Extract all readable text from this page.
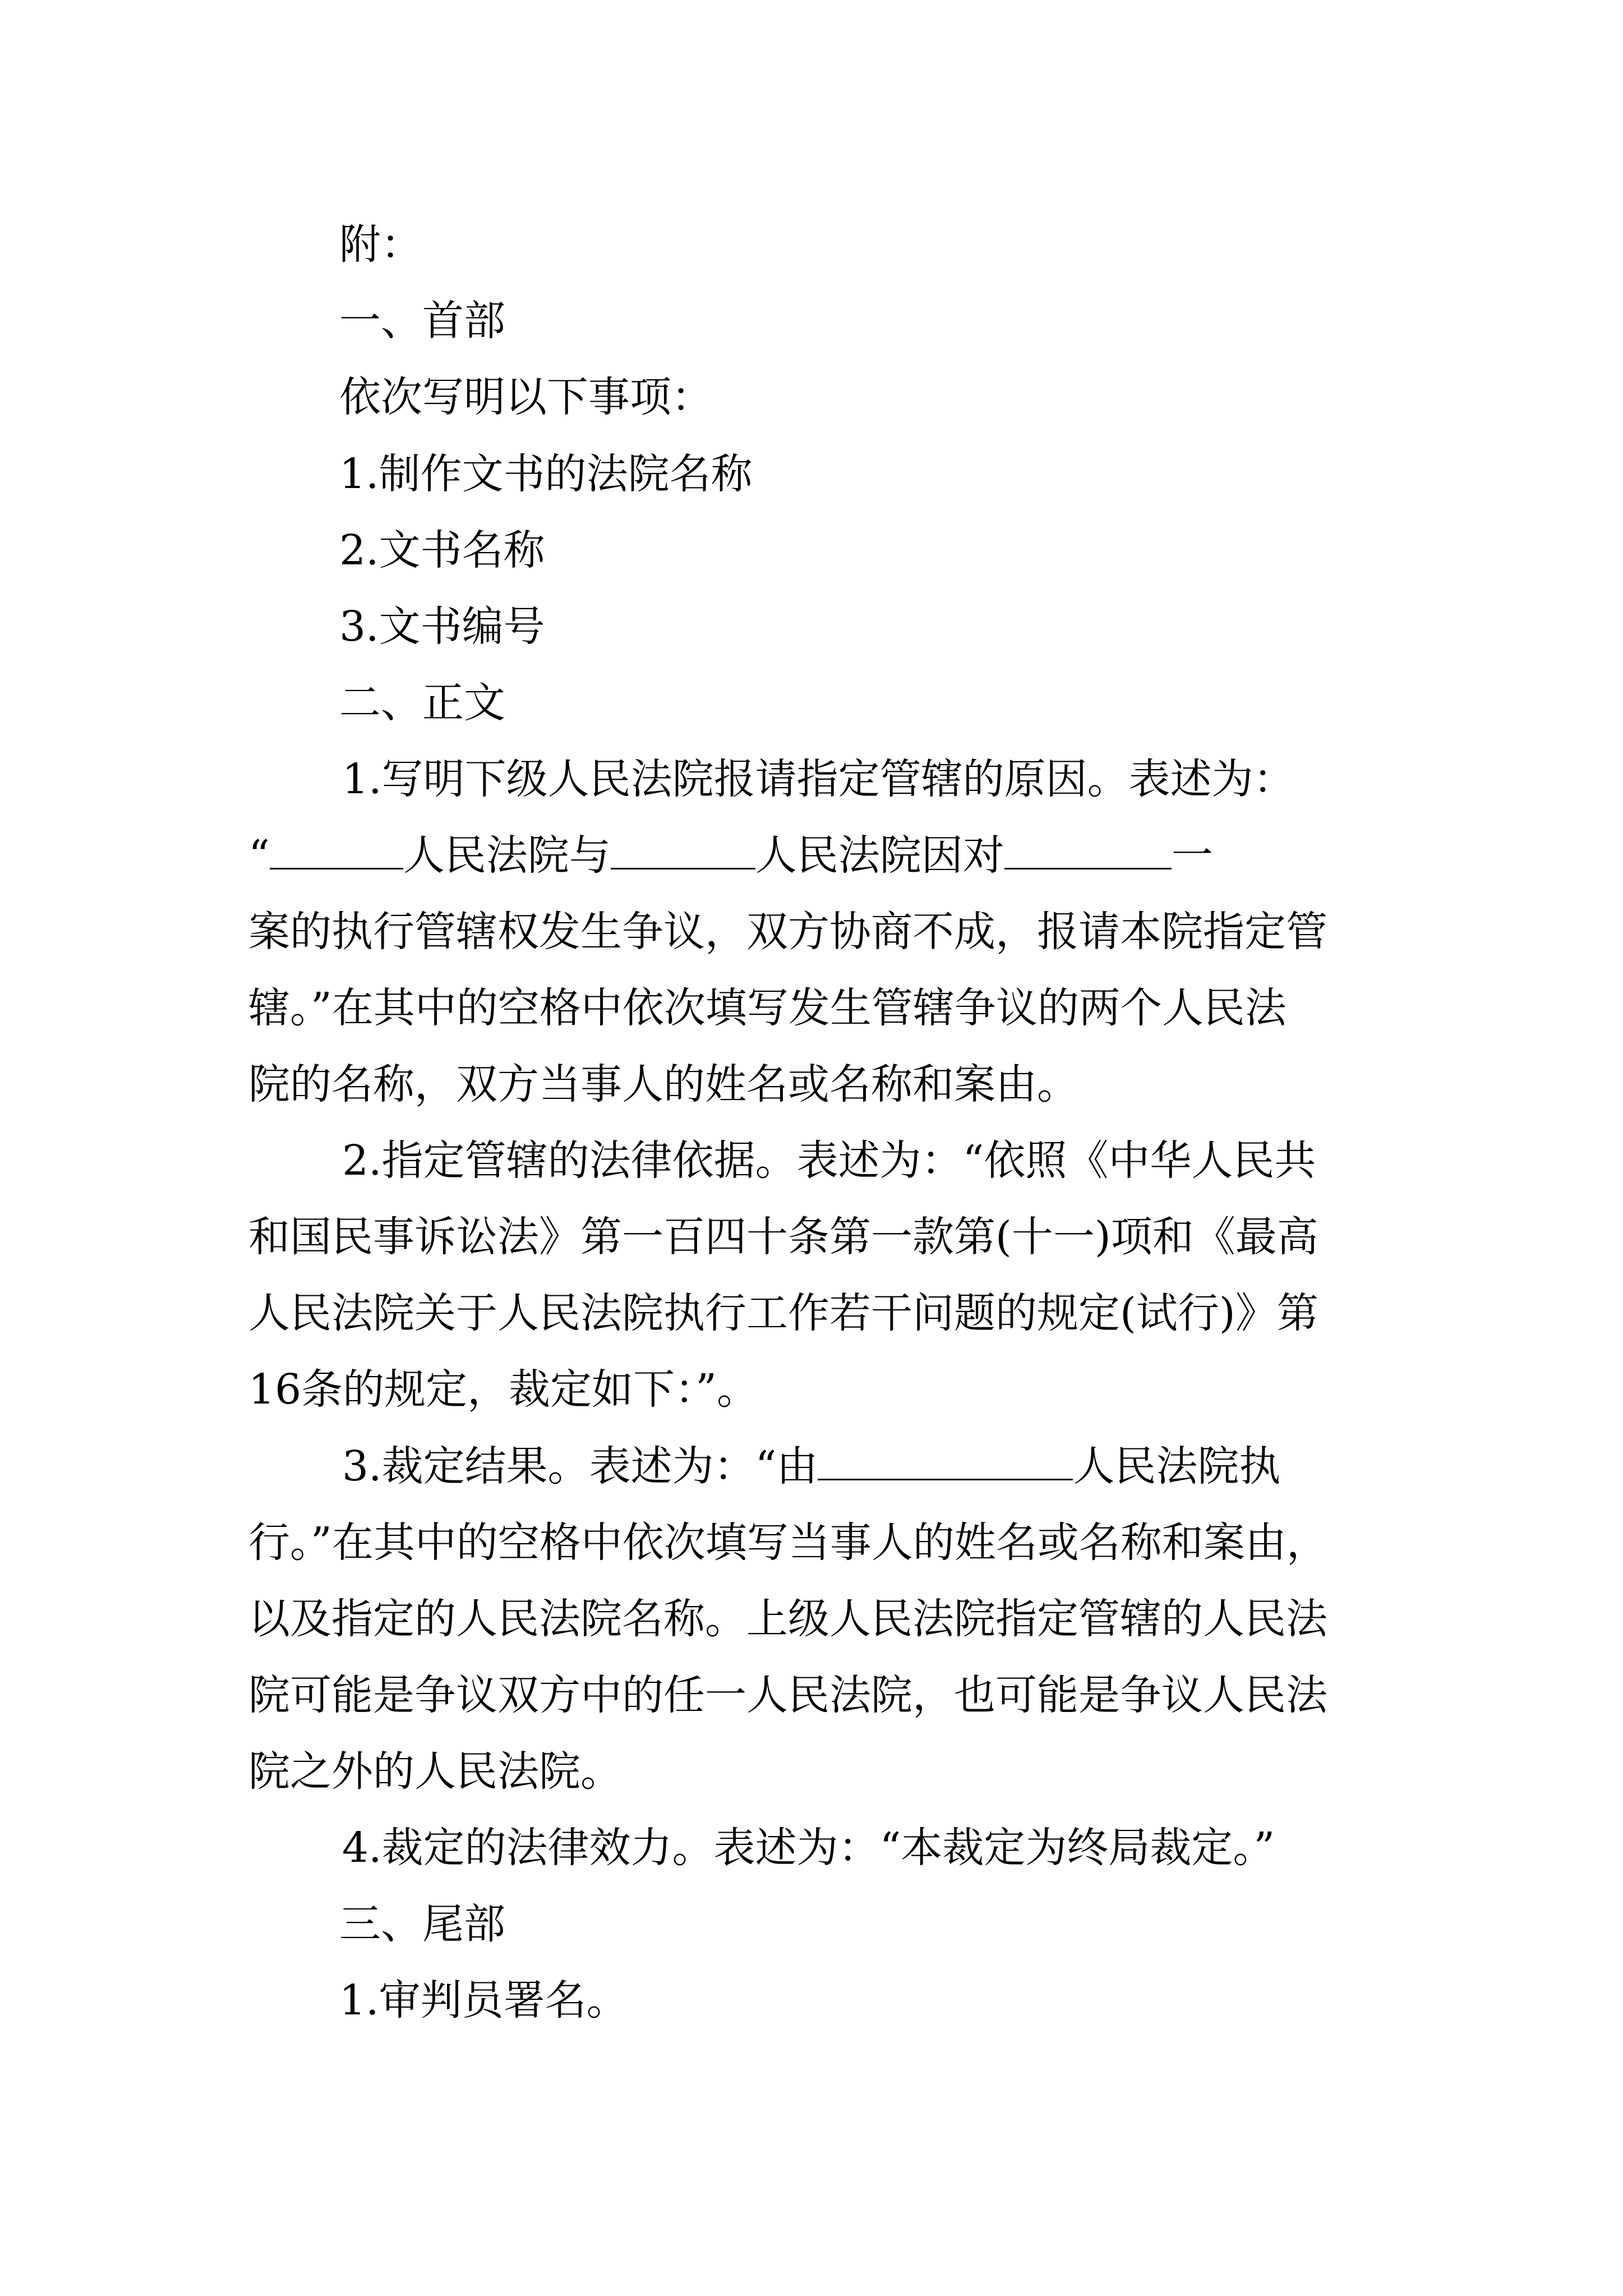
附：
一、首部
依次写明以下事项：
1.制作文书的法院名称
2.文书名称
3.文书编号
二、正文
1.写明下级人民法院报请指定管辖的原因。表述为：
“	人民法院与	人民法院因对	一
案的执行管辖权发生争议，双方协商不成，报请本院指定管
辖。”在其中的空格中依次填写发生管辖争议的两个人民法
院的名称，双方当事人的姓名或名称和案由。
2.指定管辖的法律依据。表述为：“依照《中华人民共
和国民事诉讼法》第一百四十条第一款第(十一)项和《最高
人民法院关于人民法院执行工作若干问题的规定(试行)》第
16条的规定，裁定如下：”。
3.裁定结果。表述为：“由	人民法院执
行。”在其中的空格中依次填写当事人的姓名或名称和案由，
以及指定的人民法院名称。上级人民法院指定管辖的人民法
院可能是争议双方中的任一人民法院，也可能是争议人民法
院之外的人民法院。
4.裁定的法律效力。表述为：“本裁定为终局裁定。”
三、尾部
1.审判员署名。
